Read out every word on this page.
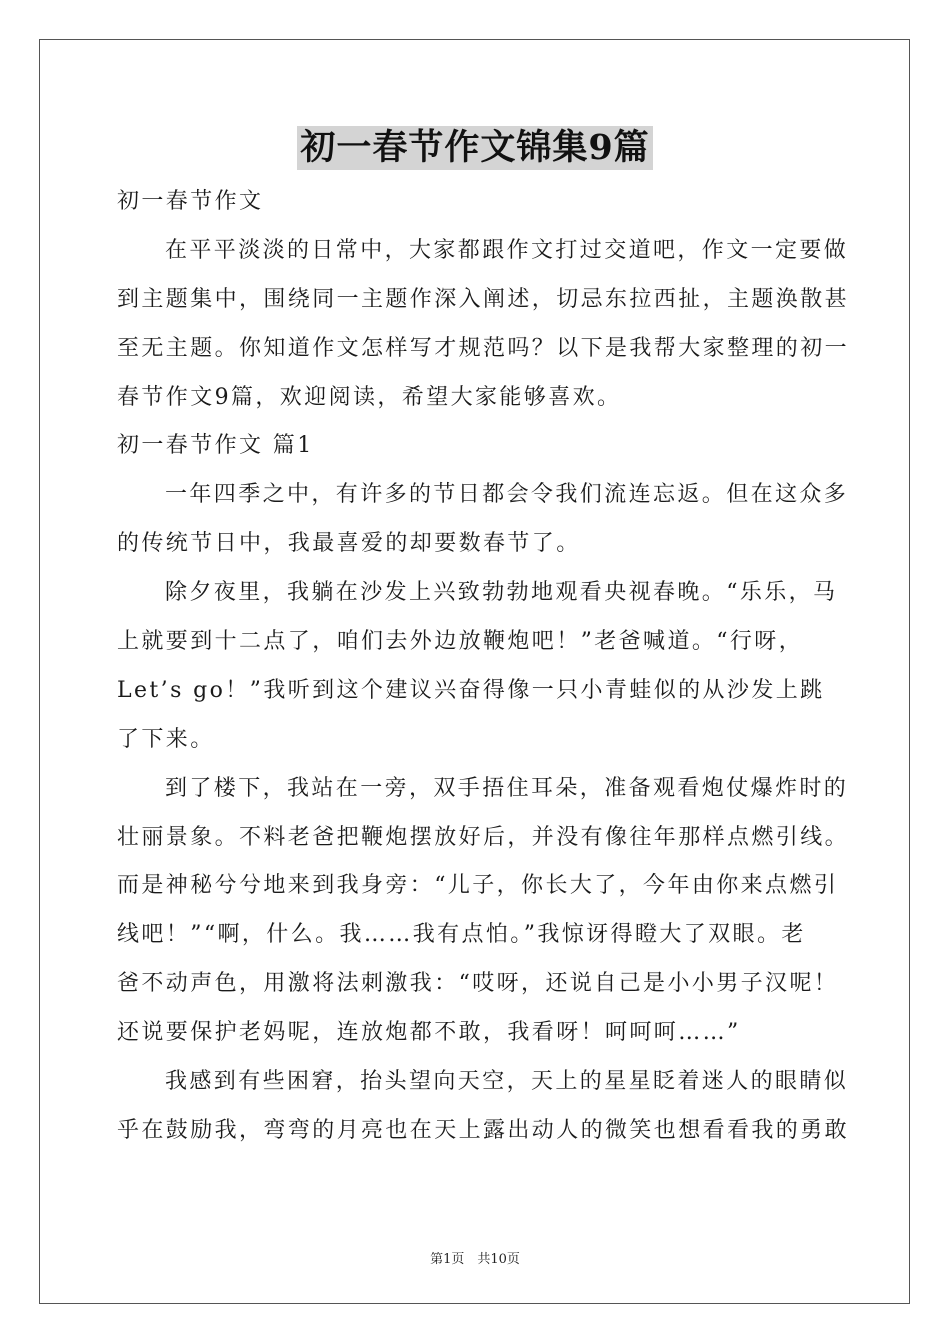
初一春节作文锦集9篇
初一春节作文
在平平淡淡的日常中，大家都跟作文打过交道吧，作文一定要做
到主题集中，围绕同一主题作深入阐述，切忌东拉西扯，主题涣散甚
至无主题。你知道作文怎样写才规范吗？以下是我帮大家整理的初一
春节作文9篇，欢迎阅读，希望大家能够喜欢。
初一春节作文 篇1
一年四季之中，有许多的节日都会令我们流连忘返。但在这众多
的传统节日中，我最喜爱的却要数春节了。
除夕夜里，我躺在沙发上兴致勃勃地观看央视春晚。“乐乐，马
上就要到十二点了，咱们去外边放鞭炮吧！”老爸喊道。“行呀，
Let’s go！”我听到这个建议兴奋得像一只小青蛙似的从沙发上跳
了下来。
到了楼下，我站在一旁，双手捂住耳朵，准备观看炮仗爆炸时的
壮丽景象。不料老爸把鞭炮摆放好后，并没有像往年那样点燃引线。
而是神秘兮兮地来到我身旁：“儿子，你长大了，今年由你来点燃引
线吧！”“啊，什么。我……我有点怕。”我惊讶得瞪大了双眼。老
爸不动声色，用激将法刺激我：“哎呀，还说自己是小小男子汉呢！
还说要保护老妈呢，连放炮都不敢，我看呀！呵呵呵……”
我感到有些困窘，抬头望向天空，天上的星星眨着迷人的眼睛似
乎在鼓励我，弯弯的月亮也在天上露出动人的微笑也想看看我的勇敢
第1页　共10页
